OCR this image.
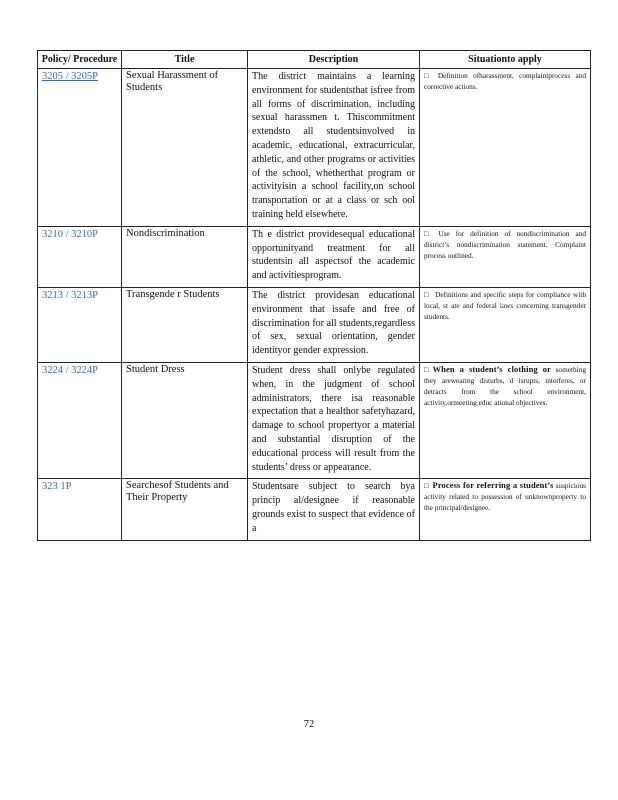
Policy/ Procedure	Title	Description	Situationto apply
3205 / 3205P	Sexual Harassment of Students	The district maintains a learning environment for studentsthat isfree from all forms of discrimination, including sexual harassmen t. Thiscommitment extendsto all studentsinvolved in academic, educational, extracurricular, athletic, and other programs or activities of the school, whetherthat program or activityisin a school facility,on school transportation or at a class or sch ool training held elsewhere.	□ Definition ofharassment, complaintprocess and corrective actions.
3210 / 3210P	Nondiscrimination	Th e district providesequal educational opportunityand treatment for all studentsin all aspectsof the academic and activitiesprogram.	□ Use for definition of nondiscrimination and district’s nondiscrimination statement. Complaint process outlined.
3213 / 3213P	Transgende r Students	The district providesan educational environment that issafe and free of discrimination for all students,regardless of sex, sexual orientation, gender identityor gender expression.	□ Definitions and specific steps for compliance with local, st ate and federal laws concerning transgender students.
3224 / 3224P	Student Dress	Student dress shall onlybe regulated when, in the judgment of school administrators, there isa reasonable expectation that a healthor safetyhazard, damage to school propertyor a material and substantial disruption of the educational process will result from the students’ dress or appearance.	□ When a student’s clothing or something they arewearing disturbs, d isrupts, interferes, or detracts from the school environment, activity,ormeeting educ ational objectives.
323 1P	Searchesof Students and Their Property	Studentsare subject to search bya princip al/designee if reasonable grounds exist to suspect that evidence of a	□ Process for referring a student’s suspicious activity related to possession of unknownproperty to the principal/designee.
72
